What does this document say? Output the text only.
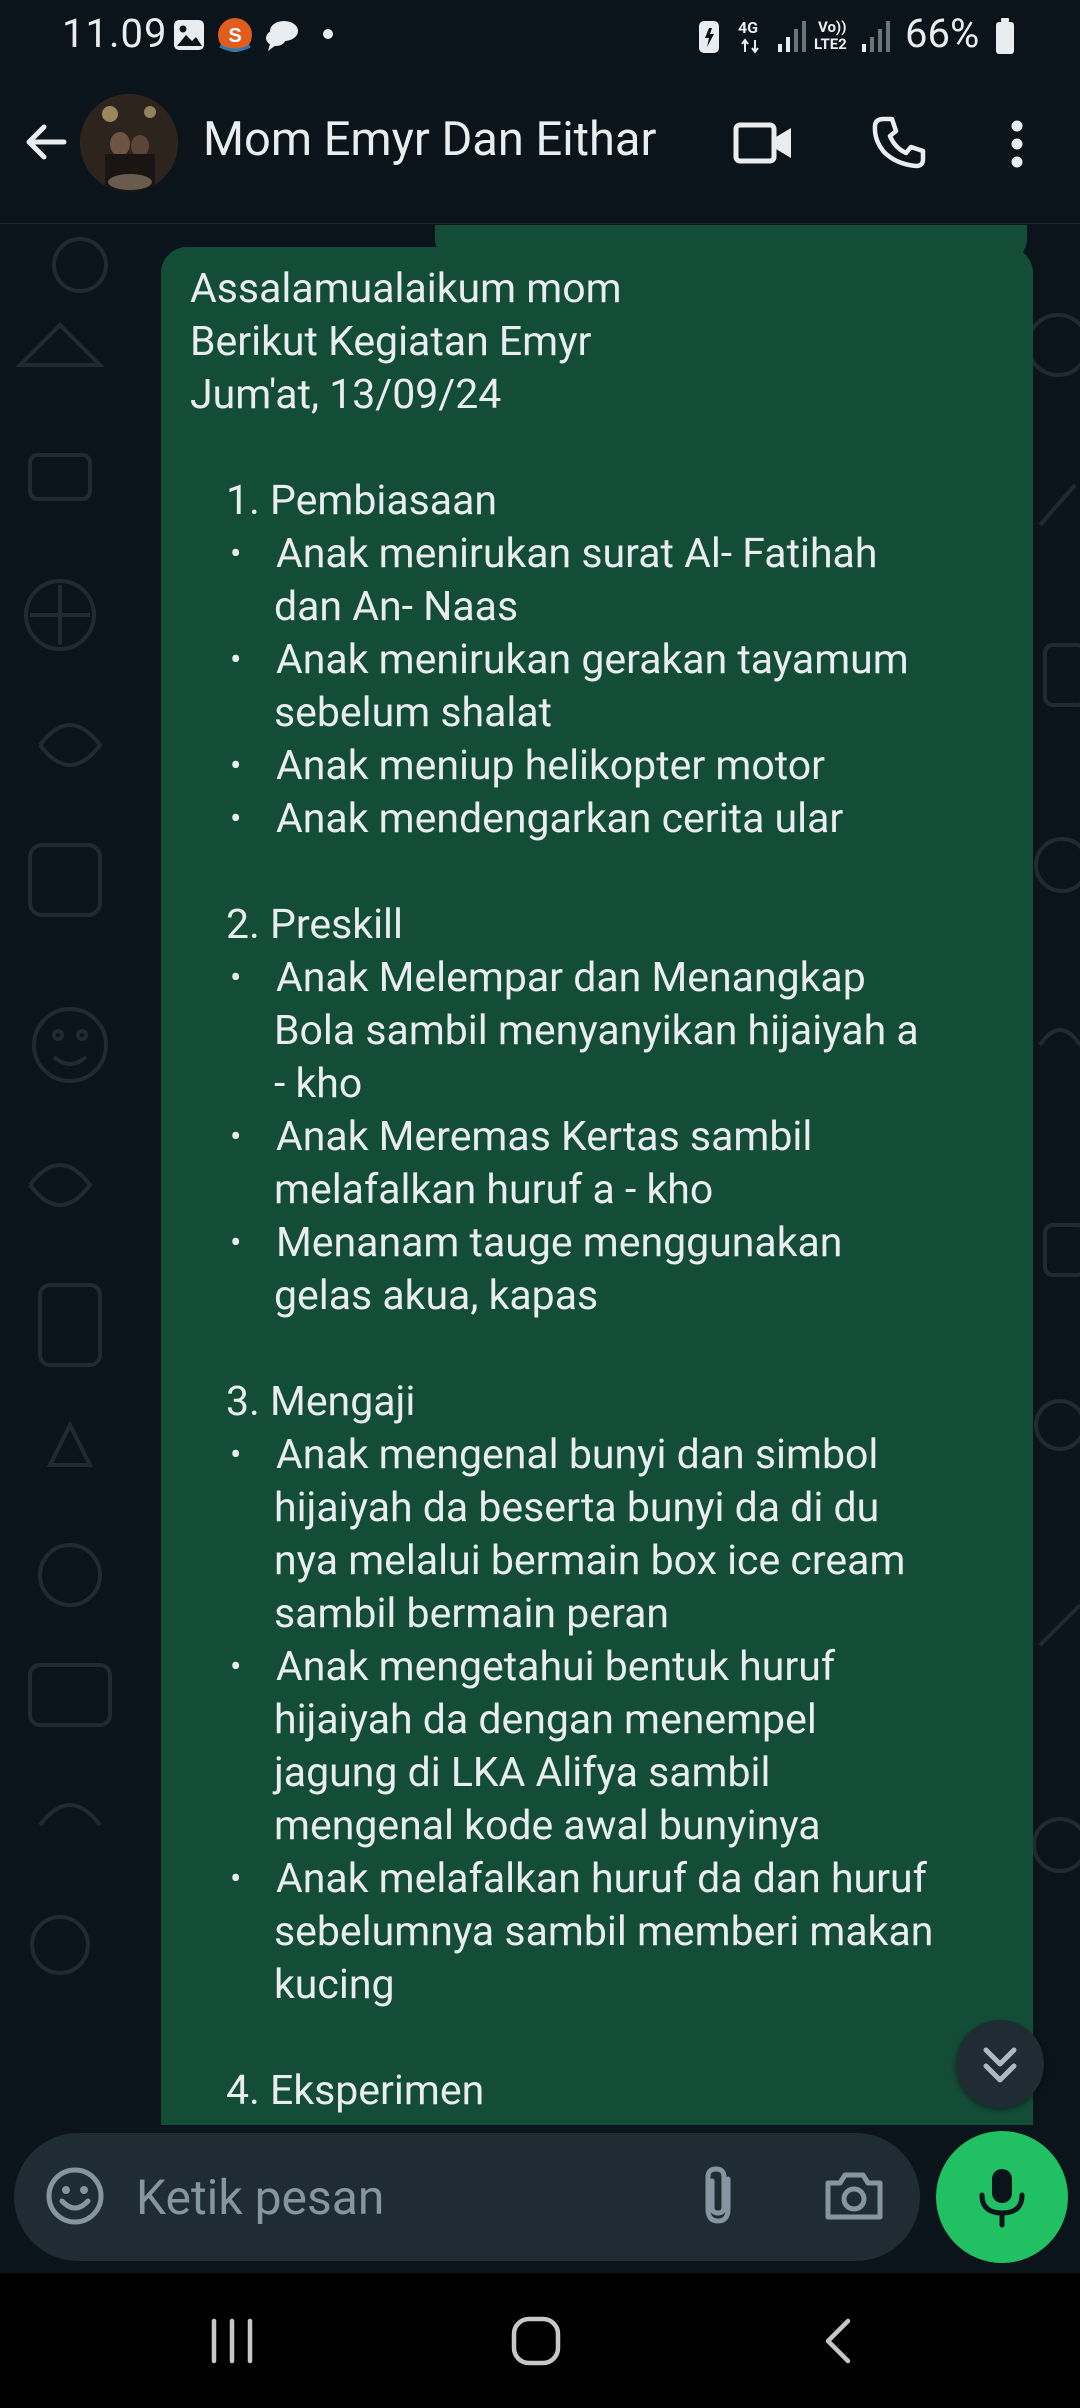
11.09	S	4G	Vo))
LTE2 66%
Mom Emyr Dan Eithar
Assalamualaikum mom
Berikut Kegiatan Emyr
Jum'at, 13/09/24
1. Pembiasaan
• Anak menirukan surat Al- Fatihah
dan An- Naas
• Anak menirukan gerakan tayamum
sebelum shalat
• Anak meniup helikopter motor
• Anak mendengarkan cerita ular
2. Preskill
• Anak Melempar dan Menangkap
Bola sambil menyanyikan hijaiyah a
- kho
• Anak Meremas Kertas sambil
melafalkan huruf a - kho
• Menanam tauge menggunakan
gelas akua, kapas
3. Mengaji
• Anak mengenal bunyi dan simbol
hijaiyah da beserta bunyi da di du
nya melalui bermain box ice cream
sambil bermain peran
• Anak mengetahui bentuk huruf
hijaiyah da dengan menempel
jagung di LKA Alifya sambil
mengenal kode awal bunyinya
• Anak melafalkan huruf da dan huruf
sebelumnya sambil memberi makan
kucing
4. Eksperimen
Ketik pesan
